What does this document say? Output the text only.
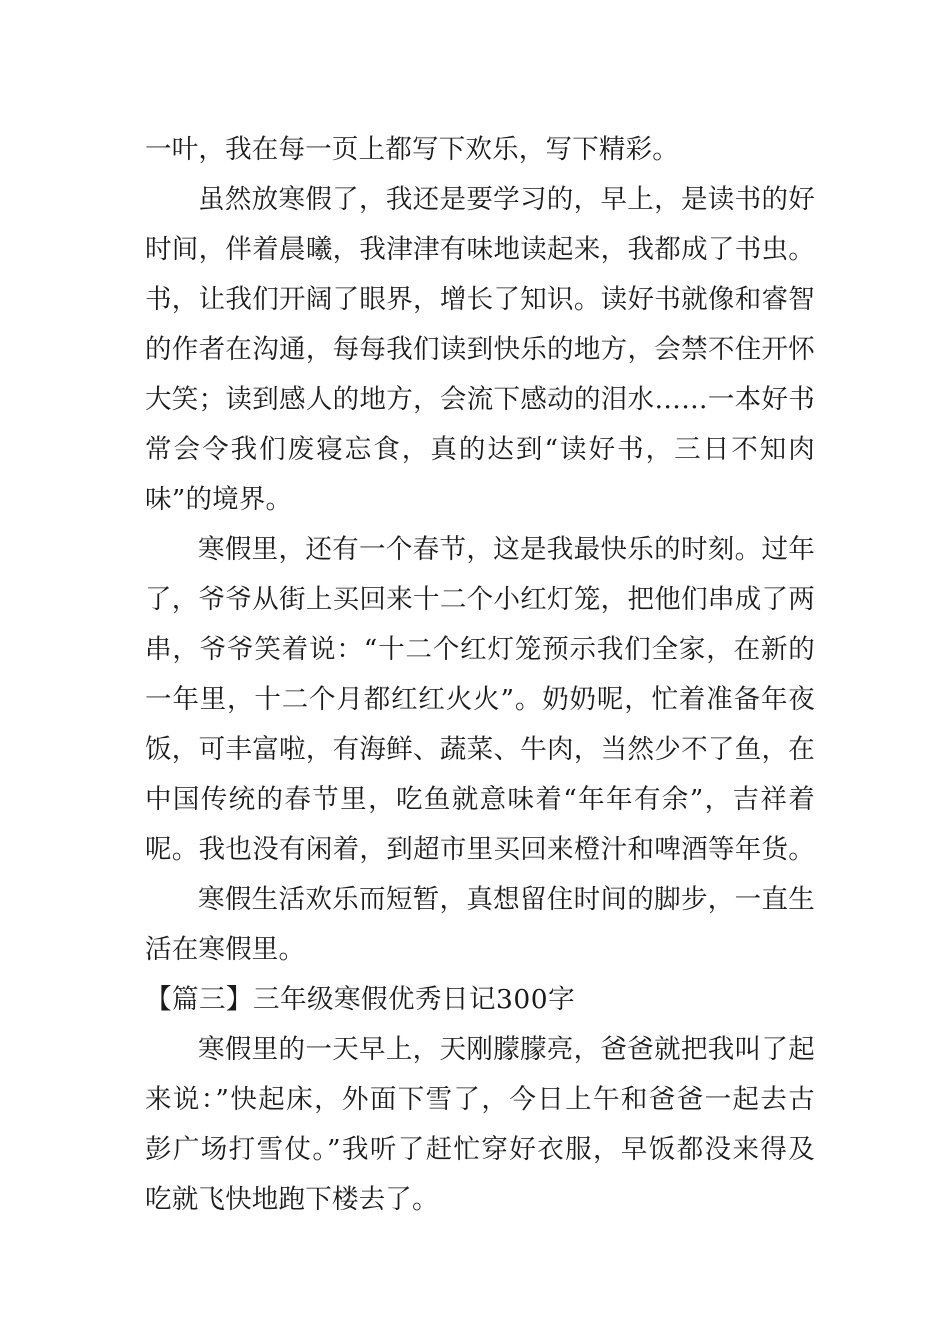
一叶，我在每一页上都写下欢乐，写下精彩。
虽然放寒假了，我还是要学习的，早上，是读书的好
时间，伴着晨曦，我津津有味地读起来，我都成了书虫。
书，让我们开阔了眼界，增长了知识。读好书就像和睿智
的作者在沟通，每每我们读到快乐的地方，会禁不住开怀
大笑；读到感人的地方，会流下感动的泪水……一本好书
常会令我们废寝忘食，真的达到“读好书，三日不知肉
味”的境界。
寒假里，还有一个春节，这是我最快乐的时刻。过年
了，爷爷从街上买回来十二个小红灯笼，把他们串成了两
串，爷爷笑着说：“十二个红灯笼预示我们全家，在新的
一年里，十二个月都红红火火”。奶奶呢，忙着准备年夜
饭，可丰富啦，有海鲜、蔬菜、牛肉，当然少不了鱼，在
中国传统的春节里，吃鱼就意味着“年年有余”，吉祥着
呢。我也没有闲着，到超市里买回来橙汁和啤酒等年货。
寒假生活欢乐而短暂，真想留住时间的脚步，一直生
活在寒假里。
【篇三】三年级寒假优秀日记300字
寒假里的一天早上，天刚朦朦亮，爸爸就把我叫了起
来说：”快起床，外面下雪了，今日上午和爸爸一起去古
彭广场打雪仗。”我听了赶忙穿好衣服，早饭都没来得及
吃就飞快地跑下楼去了。
